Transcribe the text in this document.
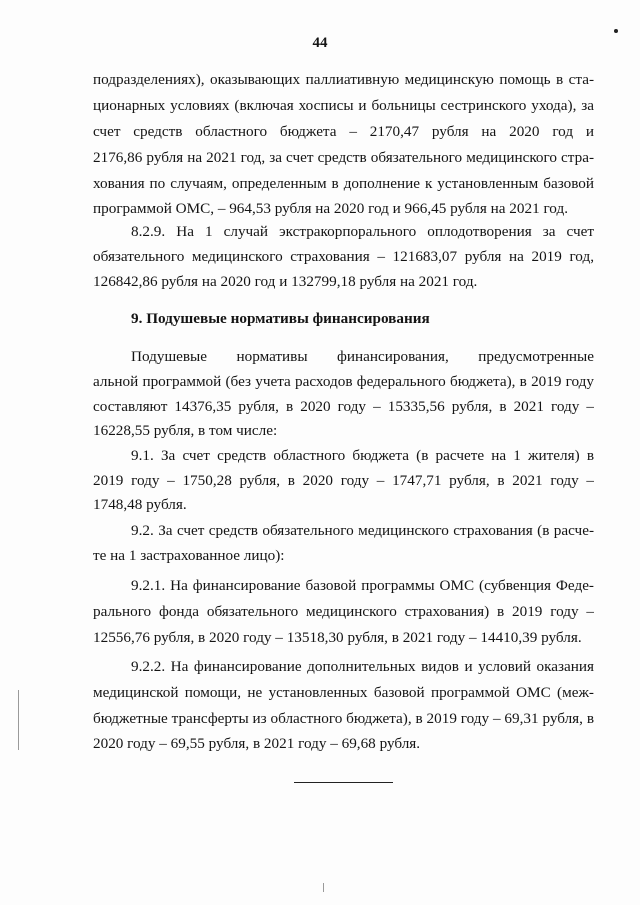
44
подразделениях), оказывающих паллиативную медицинскую помощь в ста-
ционарных условиях (включая хосписы и больницы сестринского ухода), за
счет средств областного бюджета – 2170,47 рубля на 2020 год и
2176,86 рубля на 2021 год, за счет средств обязательного медицинского стра-
хования по случаям, определенным в дополнение к установленным базовой
программой ОМС, – 964,53 рубля на 2020 год и 966,45 рубля на 2021 год.
8.2.9. На 1 случай экстракорпорального оплодотворения за счет
обязательного медицинского страхования – 121683,07 рубля на 2019 год,
126842,86 рубля на 2020 год и 132799,18 рубля на 2021 год.
9. Подушевые нормативы финансирования
Подушевые нормативы финансирования, предусмотренные
альной программой (без учета расходов федерального бюджета), в 2019 году
составляют 14376,35 рубля, в 2020 году – 15335,56 рубля, в 2021 году –
16228,55 рубля, в том числе:
9.1. За счет средств областного бюджета (в расчете на 1 жителя) в
2019 году – 1750,28 рубля, в 2020 году – 1747,71 рубля, в 2021 году –
1748,48 рубля.
9.2. За счет средств обязательного медицинского страхования (в расче-
те на 1 застрахованное лицо):
9.2.1. На финансирование базовой программы ОМС (субвенция Феде-
рального фонда обязательного медицинского страхования) в 2019 году –
12556,76 рубля, в 2020 году – 13518,30 рубля, в 2021 году – 14410,39 рубля.
9.2.2. На финансирование дополнительных видов и условий оказания
медицинской помощи, не установленных базовой программой ОМС (меж-
бюджетные трансферты из областного бюджета), в 2019 году – 69,31 рубля, в
2020 году – 69,55 рубля, в 2021 году – 69,68 рубля.
